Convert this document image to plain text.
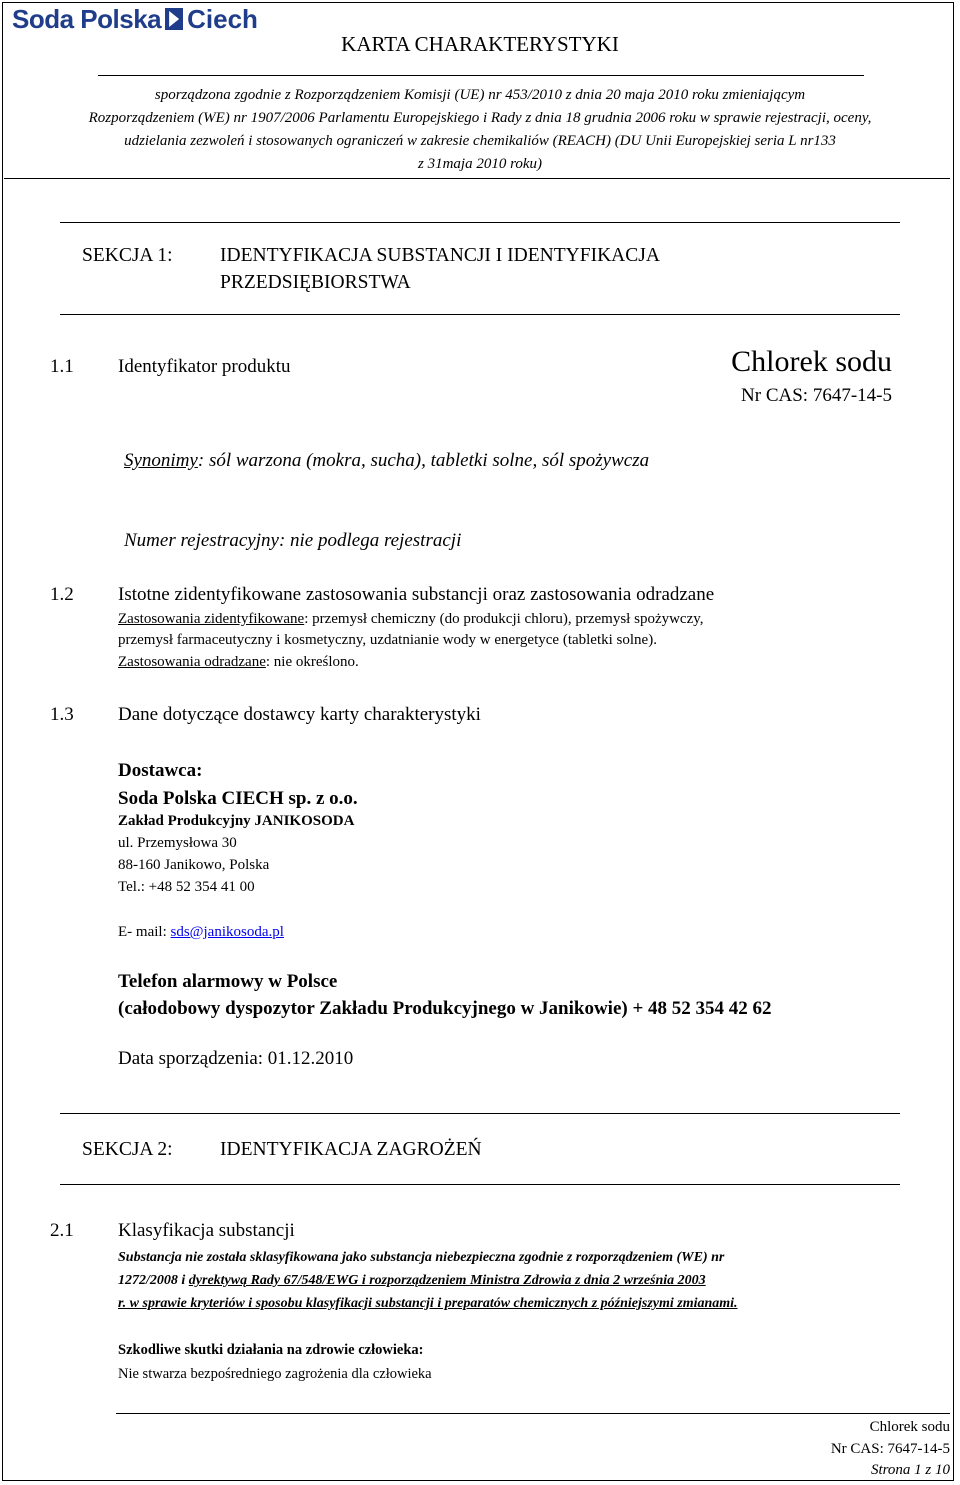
Soda Polska Ciech
KARTA CHARAKTERYSTYKI
sporządzona zgodnie z Rozporządzeniem Komisji (UE) nr 453/2010 z dnia 20 maja 2010 roku zmieniającym
Rozporządzeniem (WE) nr 1907/2006 Parlamentu Europejskiego i Rady z dnia 18 grudnia 2006 roku w sprawie rejestracji, oceny,
udzielania zezwoleń i stosowanych ograniczeń w zakresie chemikaliów (REACH) (DU Unii Europejskiej seria L nr133
z 31maja 2010 roku)
SEKCJA 1: IDENTYFIKACJA SUBSTANCJI I IDENTYFIKACJA
PRZEDSIĘBIORSTWA
1.1 Identyfikator produktu	Chlorek sodu
Nr CAS: 7647-14-5
Synonimy: sól warzona (mokra, sucha), tabletki solne, sól spożywcza
Numer rejestracyjny: nie podlega rejestracji
1.2 Istotne zidentyfikowane zastosowania substancji oraz zastosowania odradzane
Zastosowania zidentyfikowane: przemysł chemiczny (do produkcji chloru), przemysł spożywczy,
przemysł farmaceutyczny i kosmetyczny, uzdatnianie wody w energetyce (tabletki solne).
Zastosowania odradzane: nie określono.
1.3 Dane dotyczące dostawcy karty charakterystyki
Dostawca:
Soda Polska CIECH sp. z o.o.
Zakład Produkcyjny JANIKOSODA
ul. Przemysłowa 30
88-160 Janikowo, Polska
Tel.: +48 52 354 41 00
E- mail: sds@janikosoda.pl
Telefon alarmowy w Polsce
(całodobowy dyspozytor Zakładu Produkcyjnego w Janikowie) + 48 52 354 42 62
Data sporządzenia: 01.12.2010
SEKCJA 2: IDENTYFIKACJA ZAGROŻEŃ
2.1 Klasyfikacja substancji
Substancja nie została sklasyfikowana jako substancja niebezpieczna zgodnie z rozporządzeniem (WE) nr
1272/2008 i dyrektywą Rady 67/548/EWG i rozporządzeniem Ministra Zdrowia z dnia 2 września 2003
r. w sprawie kryteriów i sposobu klasyfikacji substancji i preparatów chemicznych z późniejszymi zmianami.
Szkodliwe skutki działania na zdrowie człowieka:
Nie stwarza bezpośredniego zagrożenia dla człowieka
Chlorek sodu
Nr CAS: 7647-14-5
Strona 1 z 10
